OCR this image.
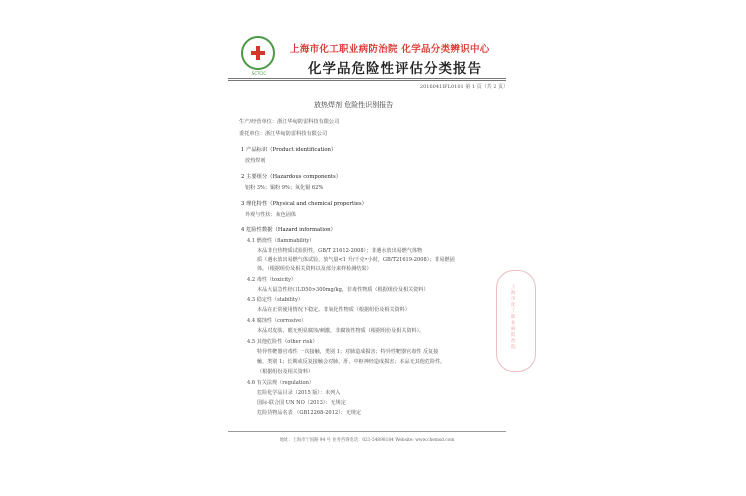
SCTCIC
上海市化工职业病防治院 化学品分类辨识中心
化学品危险性评估分类报告
2016041IFL0101 第 1 页（共 2 页）
放热焊剂 危险性识别报告
生产/经营单位：浙江华甸防雷科技有限公司
委托单位：浙江华甸防雷科技有限公司
1 产品标识（Product identification）
放热焊剂
2 主要组分（Hazardous components）
铝粉 3%；铜粉 9%；氧化铜 62%
3 理化特性（Physical and chemical properties）
外观与性状：灰色固体
4 危险性数据（Hazard information）
4.1 燃烧性（flammability）
本品非自热物质试验阴性，GB/T 21612-2008）；非遇水放出易燃气体物
质（遇水放出易燃气体试验，放气量<1 升/千克•小时，GB/T21619-2008）；非易燃固
体。（根据组份及相关资料以及部分来样检测结果）
4.2 毒性（toxicity）
本品大鼠急性经口LD50>300mg/kg，非毒性物质（根据组份及相关资料）
4.3 稳定性（stability）
本品在正常使用情况下稳定。非氧化性物质（根据组份及相关资料）
4.4 腐蚀性（corrosive）
本品对皮肤、眼无明显腐蚀/刺激，非腐蚀性物质（根据组份及相关资料）。
4.5 其他危险性（other risk）
特异性靶器官毒性 一次接触，类别 1；对肺造成损害；特异性靶器官毒性 反复接
触，类别 1；长期或反复接触会对肺、肝、中枢神经造成损害；本品无其他危险性。
（根据组份及相关资料）
4.6 有关法规（regulation）
危险化学品目录（2015 版）：未列入
国际-联合国 UN NO（2013）：无规定
危险货物品名表 （GB12268-2012）：无规定
上海市化工职业病防治院
地址：上海市宁国路 94 号 业务咨询电话：021-54898184 Website: www.chemsd.com
